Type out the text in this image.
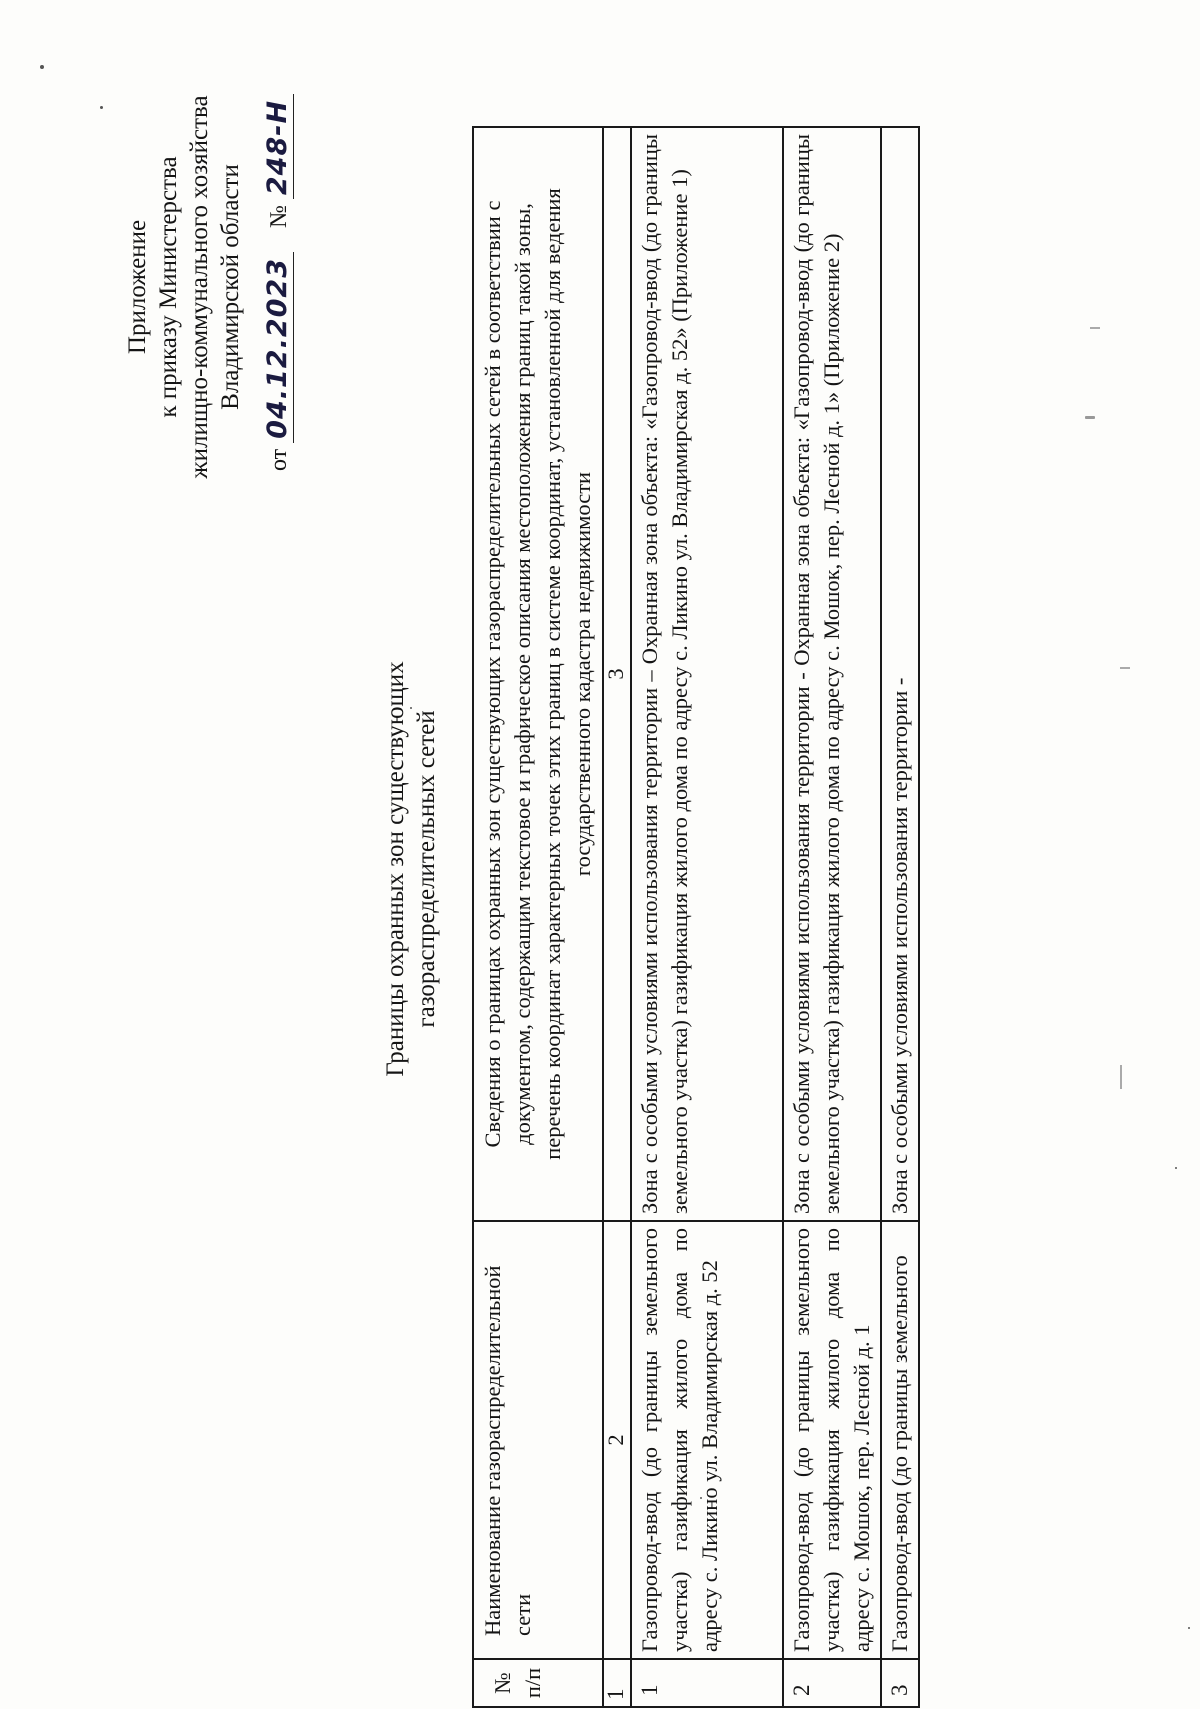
Приложение к приказу Министерства жилищно-коммунального хозяйства Владимирской области
от 04.12.2023    № 248-Н
Границы охранных зон существующих газораспределительных сетей
№ п/п	Наименование газораспределительной сети	Сведения о границах охранных зон существующих газораспределительных сетей в соответствии с документом, содержащим текстовое и графическое описания местоположения границ такой зоны, перечень координат характерных точек этих границ в системе координат, установленной для ведения государственного кадастра недвижимости
1	2	3
1	Газопровод-ввод (до границы земельного участка) газификация жилого дома по адресу с. Ликино ул. Владимирская д. 52	Зона с особыми условиями использования территории – Охранная зона объекта: «Газопровод-ввод (до границы земельного участка) газификация жилого дома по адресу с. Ликино ул. Владимирская д. 52» (Приложение 1)
2	Газопровод-ввод (до границы земельного участка) газификация жилого дома по адресу с. Мошок, пер. Лесной д. 1	Зона с особыми условиями использования территории - Охранная зона объекта: «Газопровод-ввод (до границы земельного участка) газификация жилого дома по адресу с. Мошок, пер. Лесной д. 1» (Приложение 2)
3	Газопровод-ввод (до границы земельного	Зона с особыми условиями использования территории -
